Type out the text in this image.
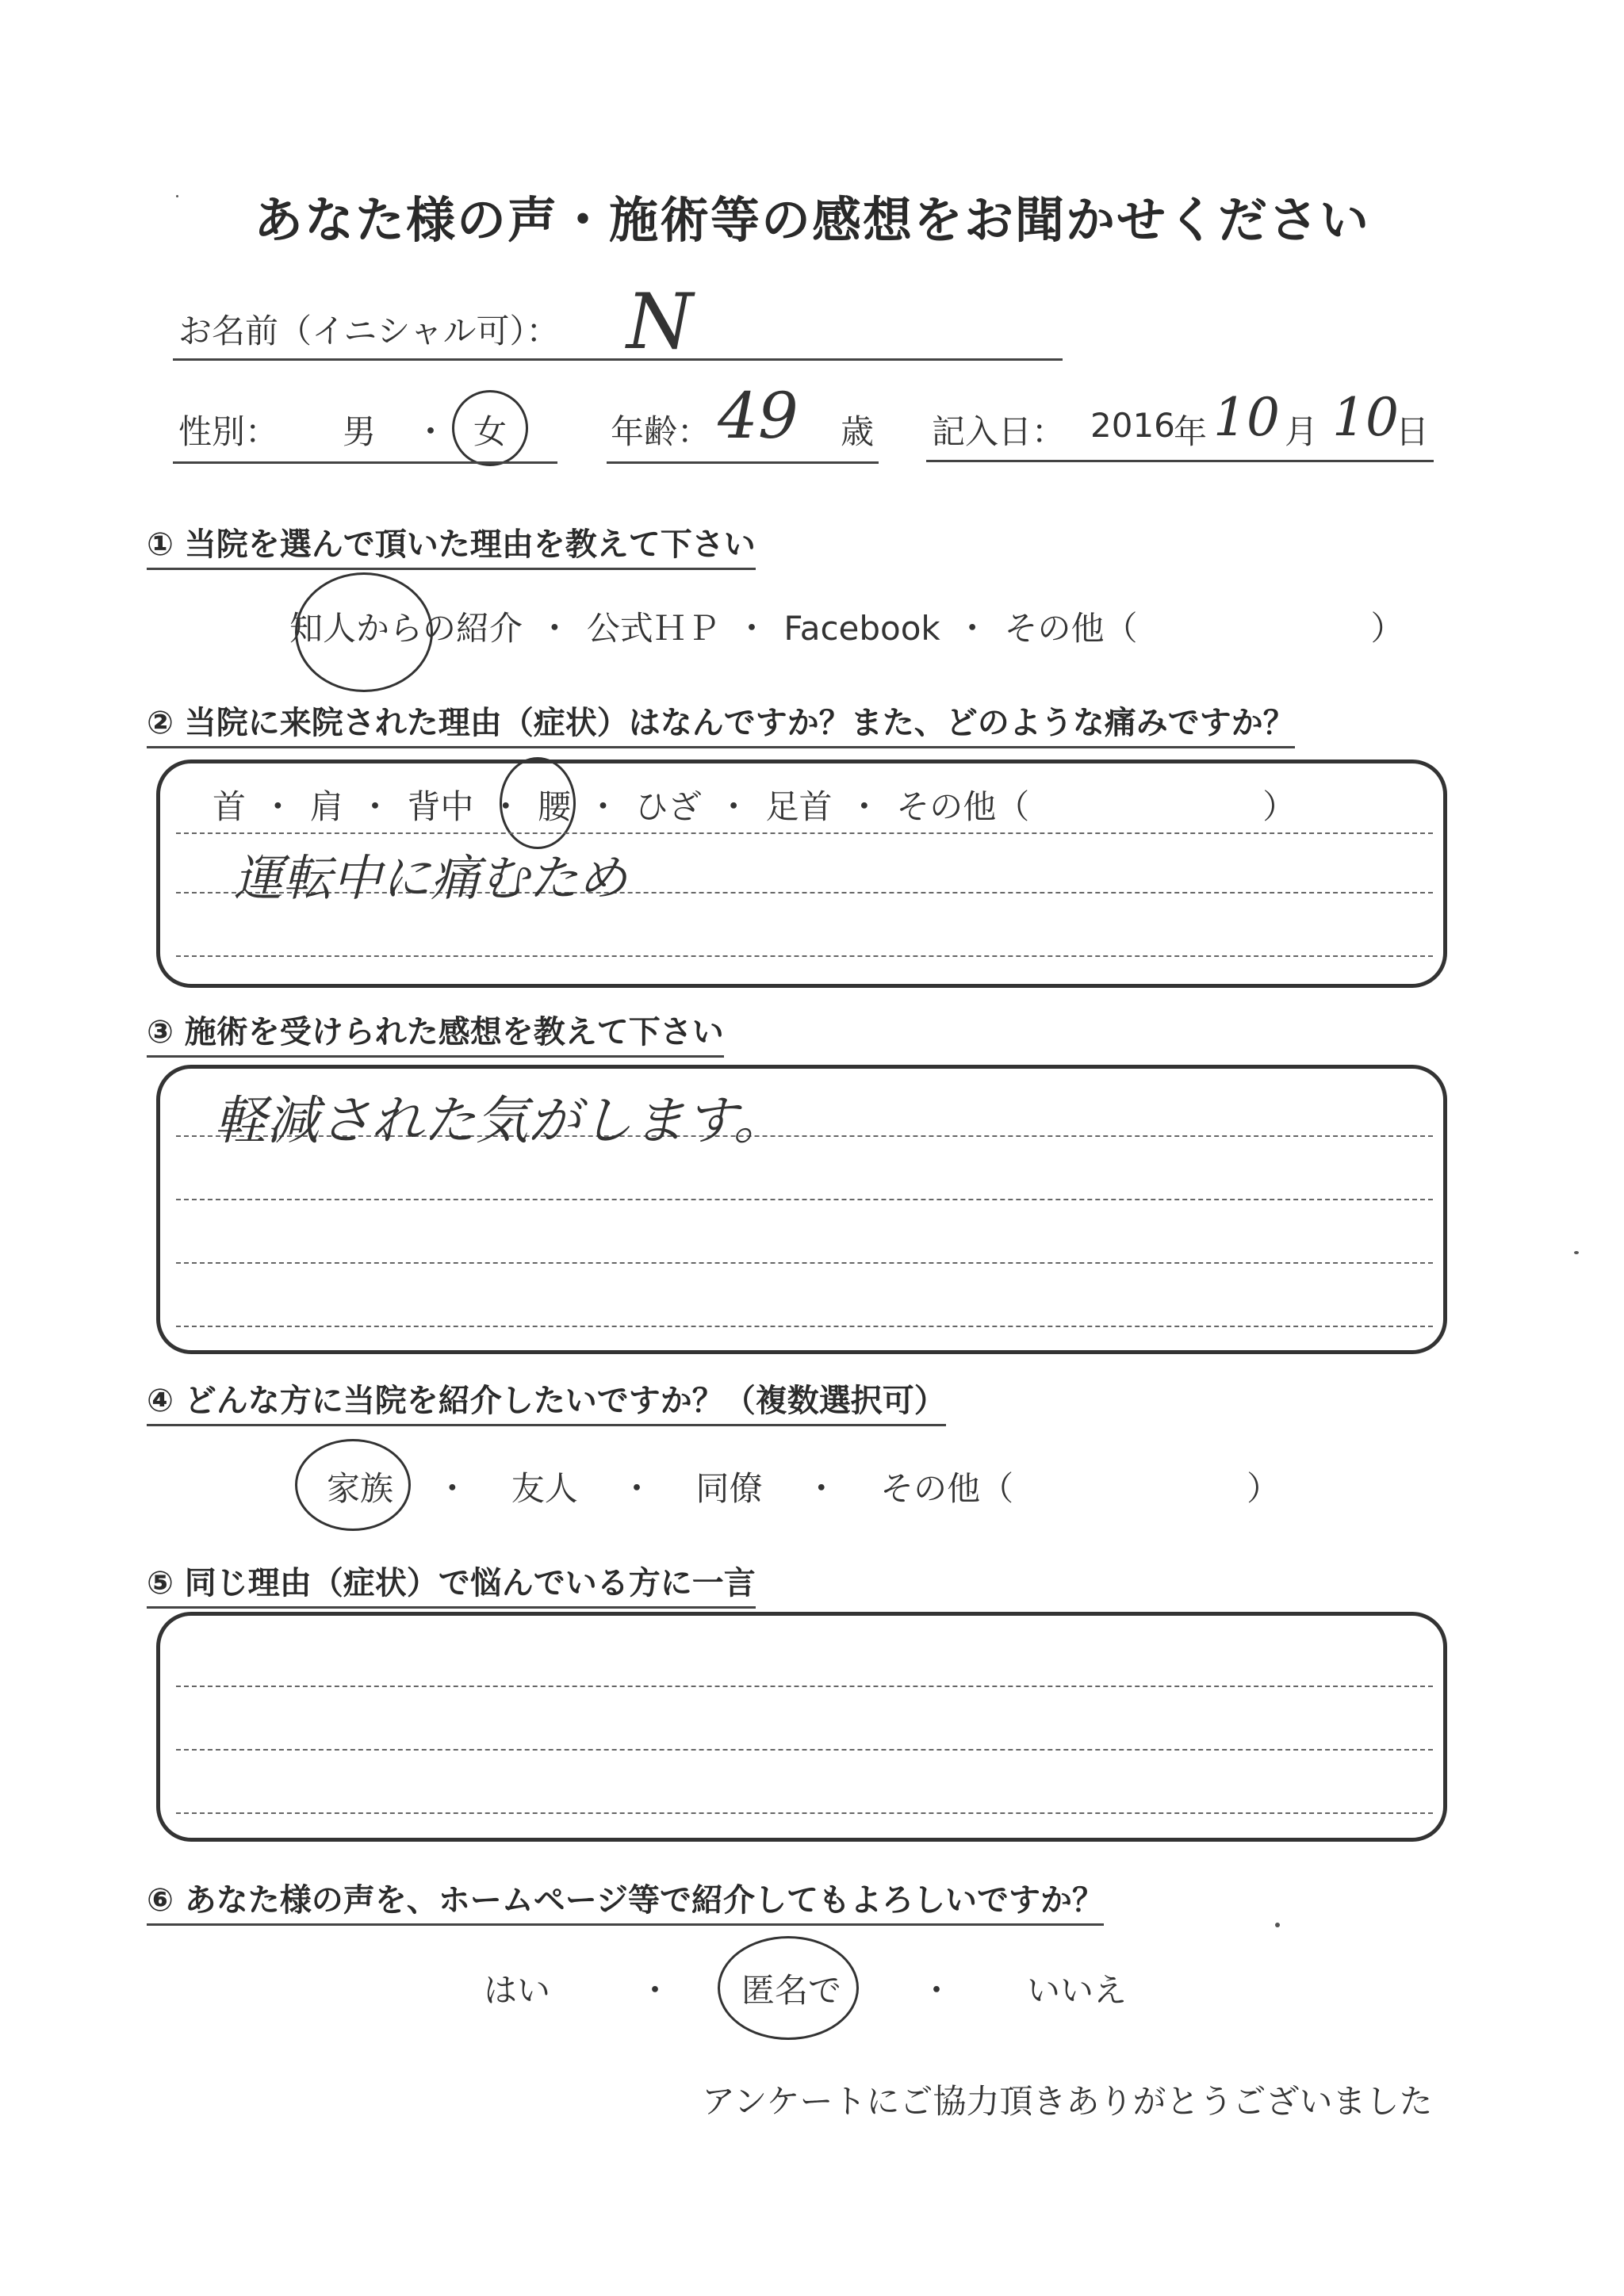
あなた様の声・施術等の感想をお聞かせください
お名前（イニシャル可）： N
性別： 男 ・ 女	年齢： 49 歳 記入日： 2016
年 10 月 10
日
① 当院を選んで頂いた理由を教えて下さい
知人からの紹介 ・ 公式ＨＰ ・ Facebook ・ その他（　　　　　　　）
② 当院に来院された理由（症状）はなんですか？また、どのような痛みですか？
首 ・ 肩 ・ 背中 ・ 腰 ・ ひざ ・ 足首 ・ その他（　　　　　　　）
運転中に痛むため
③ 施術を受けられた感想を教えて下さい
軽減された気がします。
④ どんな方に当院を紹介したいですか？（複数選択可）
家族 ・ 友人 ・ 同僚 ・ その他（　　　　　　　）
⑤ 同じ理由（症状）で悩んでいる方に一言
⑥ あなた様の声を、ホームページ等で紹介してもよろしいですか？
はい	・ 匿名で ・ いいえ
アンケートにご協力頂きありがとうございました
